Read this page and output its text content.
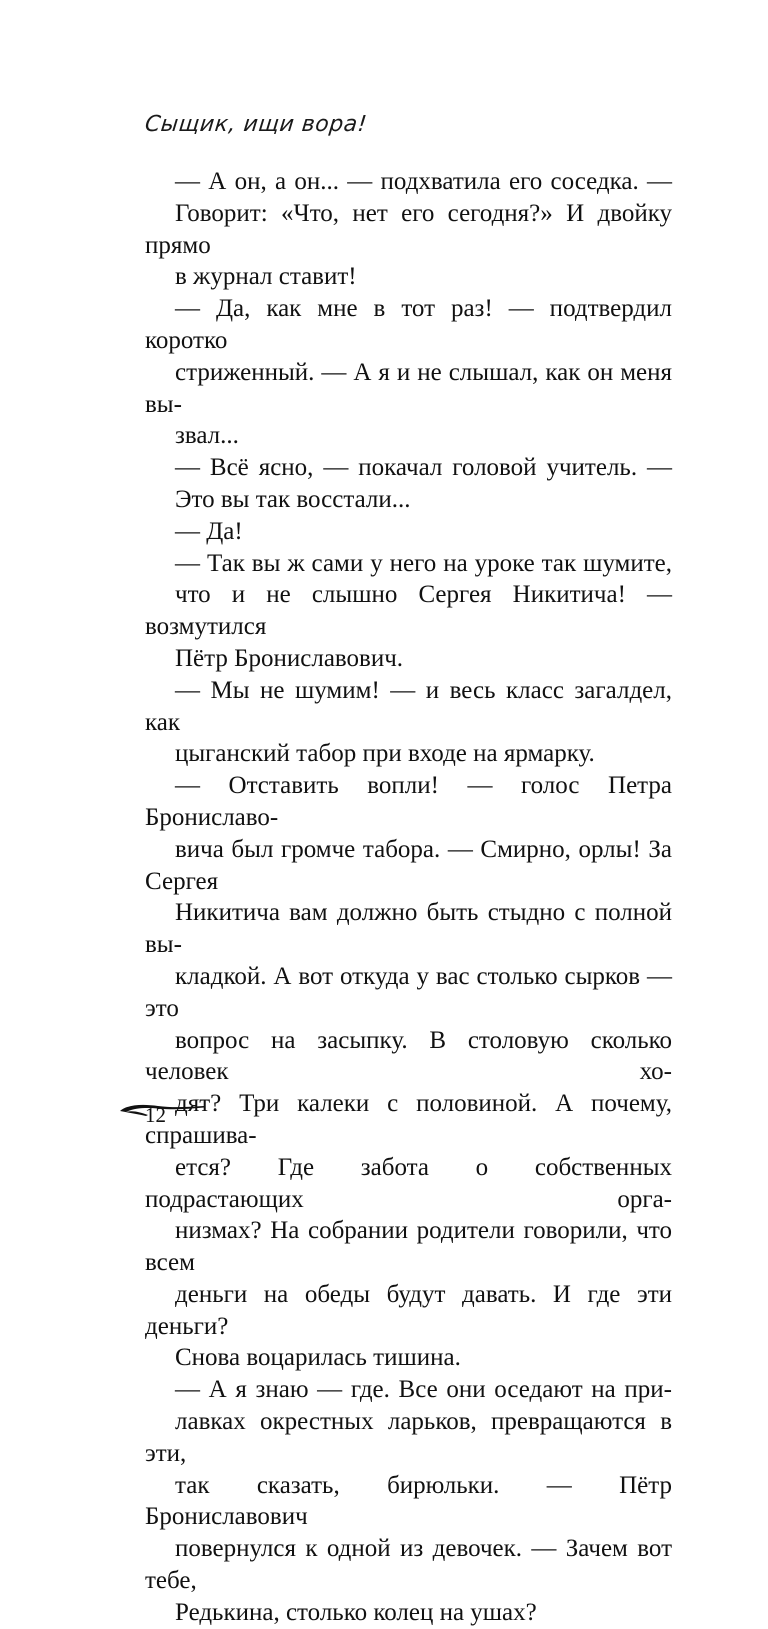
Сыщик, ищи вора!
— А он, а он... — подхватила его соседка. —
Говорит: «Что, нет его сегодня?» И двойку прямо
в журнал ставит!
— Да, как мне в тот раз! — подтвердил коротко
стриженный. — А я и не слышал, как он меня вы-
звал...
— Всё ясно, — покачал головой учитель. —
Это вы так восстали...
— Да!
— Так вы ж сами у него на уроке так шумите,
что и не слышно Сергея Никитича! — возмутился
Пётр Брониславович.
— Мы не шумим! — и весь класс загалдел, как
цыганский табор при входе на ярмарку.
— Отставить вопли! — голос Петра Брониславо-
вича был громче табора. — Смирно, орлы! За Сергея
Никитича вам должно быть стыдно с полной вы-
кладкой. А вот откуда у вас столько сырков — это
вопрос на засыпку. В столовую сколько человек хо-
дят? Три калеки с половиной. А почему, спрашива-
ется? Где забота о собственных подрастающих орга-
низмах? На собрании родители говорили, что всем
деньги на обеды будут давать. И где эти деньги?
Снова воцарилась тишина.
— А я знаю — где. Все они оседают на при-
лавках окрестных ларьков, превращаются в эти,
так сказать, бирюльки. — Пётр Брониславович
повернулся к одной из девочек. — Зачем вот тебе,
Редькина, столько колец на ушах?
12
